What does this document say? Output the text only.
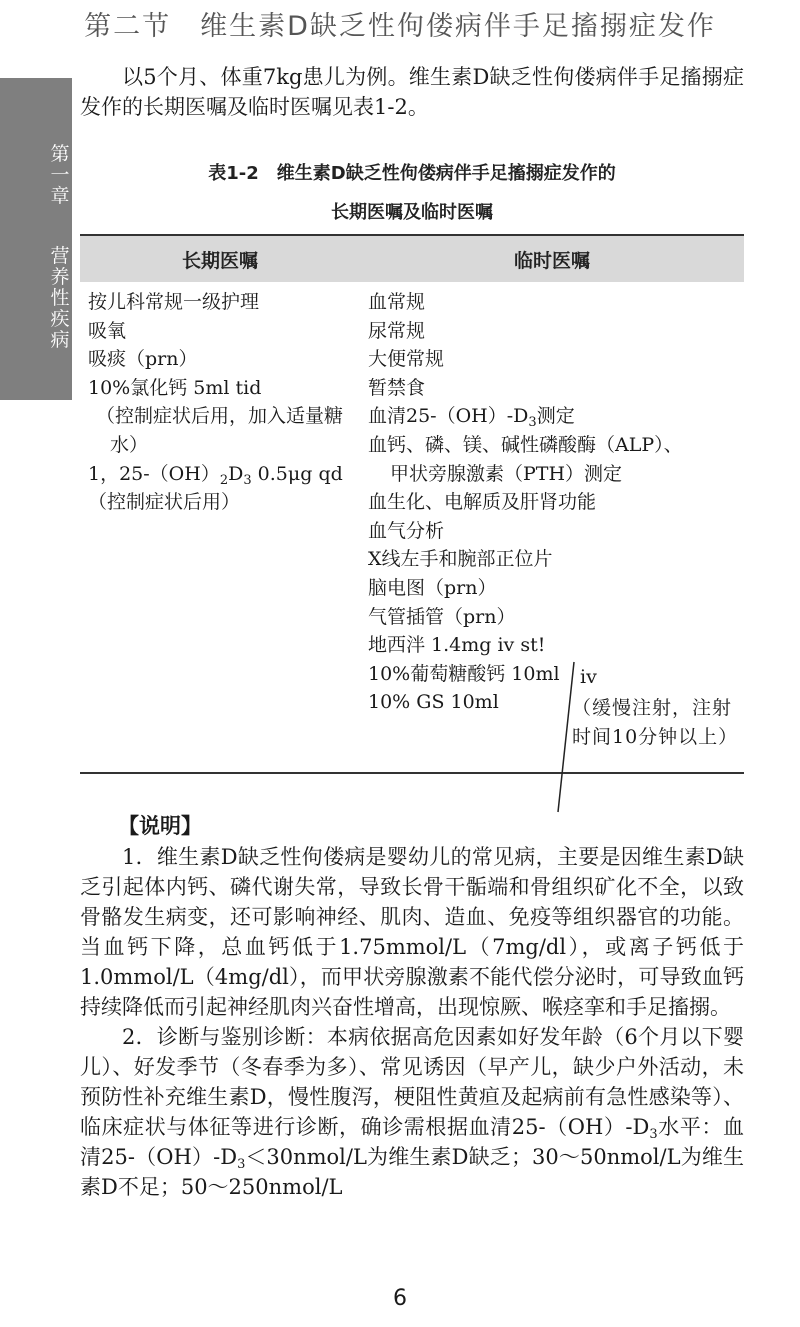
第二节　维生素D缺乏性佝偻病伴手足搐搦症发作
第一章
营养性疾病

以5个月、体重7kg患儿为例。维生素D缺乏性佝偻病伴手足搐搦症发作的长期医嘱及临时医嘱见表1-2。

表1-2　维生素D缺乏性佝偻病伴手足搐搦症发作的
长期医嘱及临时医嘱
长期医嘱	临时医嘱
按儿科常规一级护理
吸氧
吸痰（prn）
10%氯化钙 5ml tid
（控制症状后用，加入适量糖水）
1，$25-(OH)_2D_3$ 0.5μg qd
（控制症状后用）
血常规
尿常规
大便常规
暂禁食
血清$25-(OH)-D_3$测定
血钙、磷、镁、碱性磷酸酶（ALP）、
甲状旁腺激素（PTH）测定
血生化、电解质及肝肾功能
血气分析
X线左手和腕部正位片
脑电图（prn）
气管插管（prn）
地西泮 1.4mg iv st!
10%葡萄糖酸钙 10ml
10% GS 10ml
iv
（缓慢注射，注射时间10分钟以上）
【说明】

1．维生素D缺乏性佝偻病是婴幼儿的常见病，主要是因维生素D缺乏引起体内钙、磷代谢失常，导致长骨干骺端和骨组织矿化不全，以致骨骼发生病变，还可影响神经、肌肉、造血、免疫等组织器官的功能。当血钙下降，总血钙低于1.75mmol/L（7mg/dl），或离子钙低于1.0mmol/L（4mg/dl），而甲状旁腺激素不能代偿分泌时，可导致血钙持续降低而引起神经肌肉兴奋性增高，出现惊厥、喉痉挛和手足搐搦。

2．诊断与鉴别诊断：本病依据高危因素如好发年龄（6个月以下婴儿）、好发季节（冬春季为多）、常见诱因（早产儿，缺少户外活动，未预防性补充维生素D，慢性腹泻，梗阻性黄疸及起病前有急性感染等）、临床症状与体征等进行诊断，确诊需根据血清$25-(OH)-D_3$水平：血清$25-(OH)-D_3<30nmol/L$为维生素D缺乏；30～50nmol/L为维生素D不足；50～250nmol/L

6
